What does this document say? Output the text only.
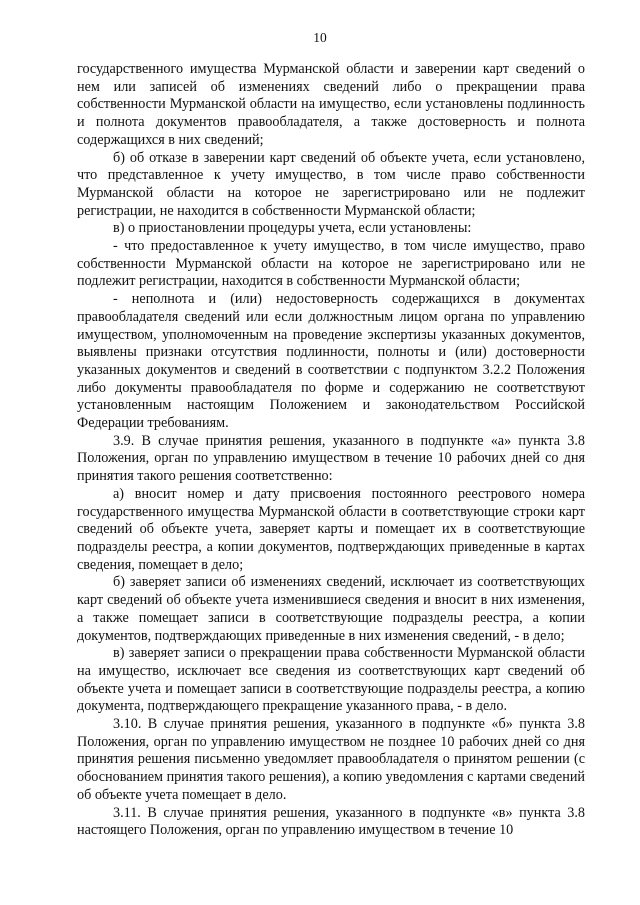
10

государственного имущества Мурманской области и заверении карт сведений о нем или записей об изменениях сведений либо о прекращении права собственности Мурманской области на имущество, если установлены подлинность и полнота документов правообладателя, а также достоверность и полнота содержащихся в них сведений;

б) об отказе в заверении карт сведений об объекте учета, если установлено, что представленное к учету имущество, в том числе право собственности Мурманской области на которое не зарегистрировано или не подлежит регистрации, не находится в собственности Мурманской области;

в) о приостановлении процедуры учета, если установлены:

- что предоставленное к учету имущество, в том числе имущество, право собственности Мурманской области на которое не зарегистрировано или не подлежит регистрации, находится в собственности Мурманской области;

- неполнота и (или) недостоверность содержащихся в документах правообладателя сведений или если должностным лицом органа по управлению имуществом, уполномоченным на проведение экспертизы указанных документов, выявлены признаки отсутствия подлинности, полноты и (или) достоверности указанных документов и сведений в соответствии с подпунктом 3.2.2 Положения либо документы правообладателя по форме и содержанию не соответствуют установленным настоящим Положением и законодательством Российской Федерации требованиям.

3.9. В случае принятия решения, указанного в подпункте «а» пункта 3.8 Положения, орган по управлению имуществом в течение 10 рабочих дней со дня принятия такого решения соответственно:

а) вносит номер и дату присвоения постоянного реестрового номера государственного имущества Мурманской области в соответствующие строки карт сведений об объекте учета, заверяет карты и помещает их в соответствующие подразделы реестра, а копии документов, подтверждающих приведенные в картах сведения, помещает в дело;

б) заверяет записи об изменениях сведений, исключает из соответствующих карт сведений об объекте учета изменившиеся сведения и вносит в них изменения, а также помещает записи в соответствующие подразделы реестра, а копии документов, подтверждающих приведенные в них изменения сведений, - в дело;

в) заверяет записи о прекращении права собственности Мурманской области на имущество, исключает все сведения из соответствующих карт сведений об объекте учета и помещает записи в соответствующие подразделы реестра, а копию документа, подтверждающего прекращение указанного права, - в дело.

3.10. В случае принятия решения, указанного в подпункте «б» пункта 3.8 Положения, орган по управлению имуществом не позднее 10 рабочих дней со дня принятия решения письменно уведомляет правообладателя о принятом решении (с обоснованием принятия такого решения), а копию уведомления с картами сведений об объекте учета помещает в дело.

3.11. В случае принятия решения, указанного в подпункте «в» пункта 3.8 настоящего Положения, орган по управлению имуществом в течение 10
